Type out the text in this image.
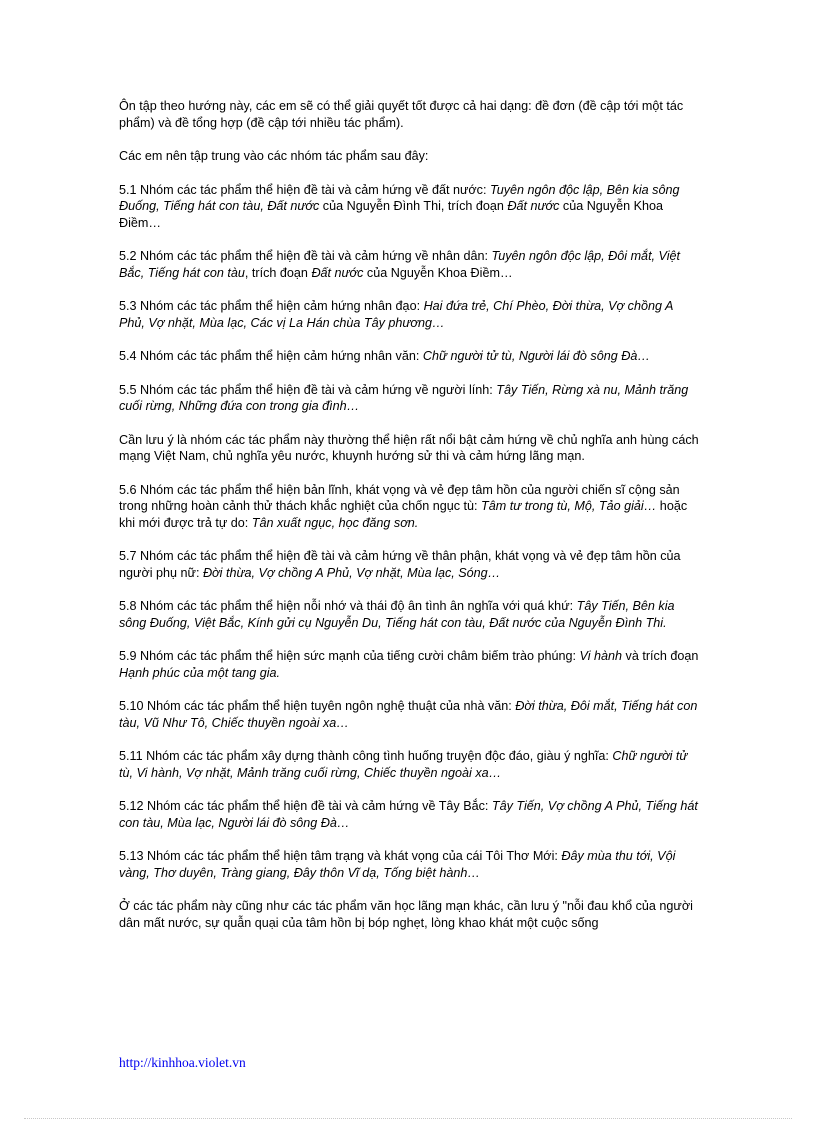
Ôn tập theo hướng này, các em sẽ có thể giải quyết tốt được cả hai dạng: đề đơn (đề cập tới một tác phẩm) và đề tổng hợp (đề cập tới nhiều tác phẩm).

Các em nên tập trung vào các nhóm tác phẩm sau đây:

5.1 Nhóm các tác phẩm thể hiện đề tài và cảm hứng về đất nước: Tuyên ngôn độc lập, Bên kia sông Đuống, Tiếng hát con tàu, Đất nước của Nguyễn Đình Thi, trích đoạn Đất nước của Nguyễn Khoa Điềm…

5.2 Nhóm các tác phẩm thể hiện đề tài và cảm hứng về nhân dân: Tuyên ngôn độc lập, Đôi mắt, Việt Bắc, Tiếng hát con tàu, trích đoạn Đất nước của Nguyễn Khoa Điềm…

5.3 Nhóm các tác phẩm thể hiện cảm hứng nhân đạo: Hai đứa trẻ, Chí Phèo, Đời thừa, Vợ chồng A Phủ, Vợ nhặt, Mùa lạc, Các vị La Hán chùa Tây phương…

5.4 Nhóm các tác phẩm thể hiện cảm hứng nhân văn: Chữ người tử tù, Người lái đò sông Đà…

5.5 Nhóm các tác phẩm thể hiện đề tài và cảm hứng về người lính: Tây Tiến, Rừng xà nu, Mảnh trăng cuối rừng, Những đứa con trong gia đình…

Cần lưu ý là nhóm các tác phẩm này thường thể hiện rất nổi bật cảm hứng về chủ nghĩa anh hùng cách mạng Việt Nam, chủ nghĩa yêu nước, khuynh hướng sử thi và cảm hứng lãng mạn.

5.6 Nhóm các tác phẩm thể hiện bản lĩnh, khát vọng và vẻ đẹp tâm hồn của người chiến sĩ cộng sản trong những hoàn cảnh thử thách khắc nghiệt của chốn ngục tù: Tâm tư trong tù, Mộ, Tảo giải… hoặc khi mới được trả tự do: Tân xuất ngục, học đăng sơn.

5.7 Nhóm các tác phẩm thể hiện đề tài và cảm hứng về thân phận, khát vọng và vẻ đẹp tâm hồn của người phụ nữ: Đời thừa, Vợ chồng A Phủ, Vợ nhặt, Mùa lạc, Sóng…

5.8 Nhóm các tác phẩm thể hiện nỗi nhớ và thái độ ân tình ân nghĩa với quá khứ: Tây Tiến, Bên kia sông Đuống, Việt Bắc, Kính gửi cụ Nguyễn Du, Tiếng hát con tàu, Đất nước của Nguyễn Đình Thi.

5.9 Nhóm các tác phẩm thể hiện sức mạnh của tiếng cười châm biếm trào phúng: Vi hành và trích đoạn Hạnh phúc của một tang gia.

5.10 Nhóm các tác phẩm thể hiện tuyên ngôn nghệ thuật của nhà văn: Đời thừa, Đôi mắt, Tiếng hát con tàu, Vũ Như Tô, Chiếc thuyền ngoài xa…

5.11 Nhóm các tác phẩm xây dựng thành công tình huống truyện độc đáo, giàu ý nghĩa: Chữ người tử tù, Vi hành, Vợ nhặt, Mảnh trăng cuối rừng, Chiếc thuyền ngoài xa…

5.12 Nhóm các tác phẩm thể hiện đề tài và cảm hứng về Tây Bắc: Tây Tiến, Vợ chồng A Phủ, Tiếng hát con tàu, Mùa lạc, Người lái đò sông Đà…

5.13 Nhóm các tác phẩm thể hiện tâm trạng và khát vọng của cái Tôi Thơ Mới: Đây mùa thu tới, Vội vàng, Thơ duyên, Tràng giang, Đây thôn Vĩ dạ, Tống biệt hành…

Ở các tác phẩm này cũng như các tác phẩm văn học lãng mạn khác, cần lưu ý "nỗi đau khổ của người dân mất nước, sự quẫn quại của tâm hồn bị bóp nghẹt, lòng khao khát một cuộc sống

http://kinhhoa.violet.vn
